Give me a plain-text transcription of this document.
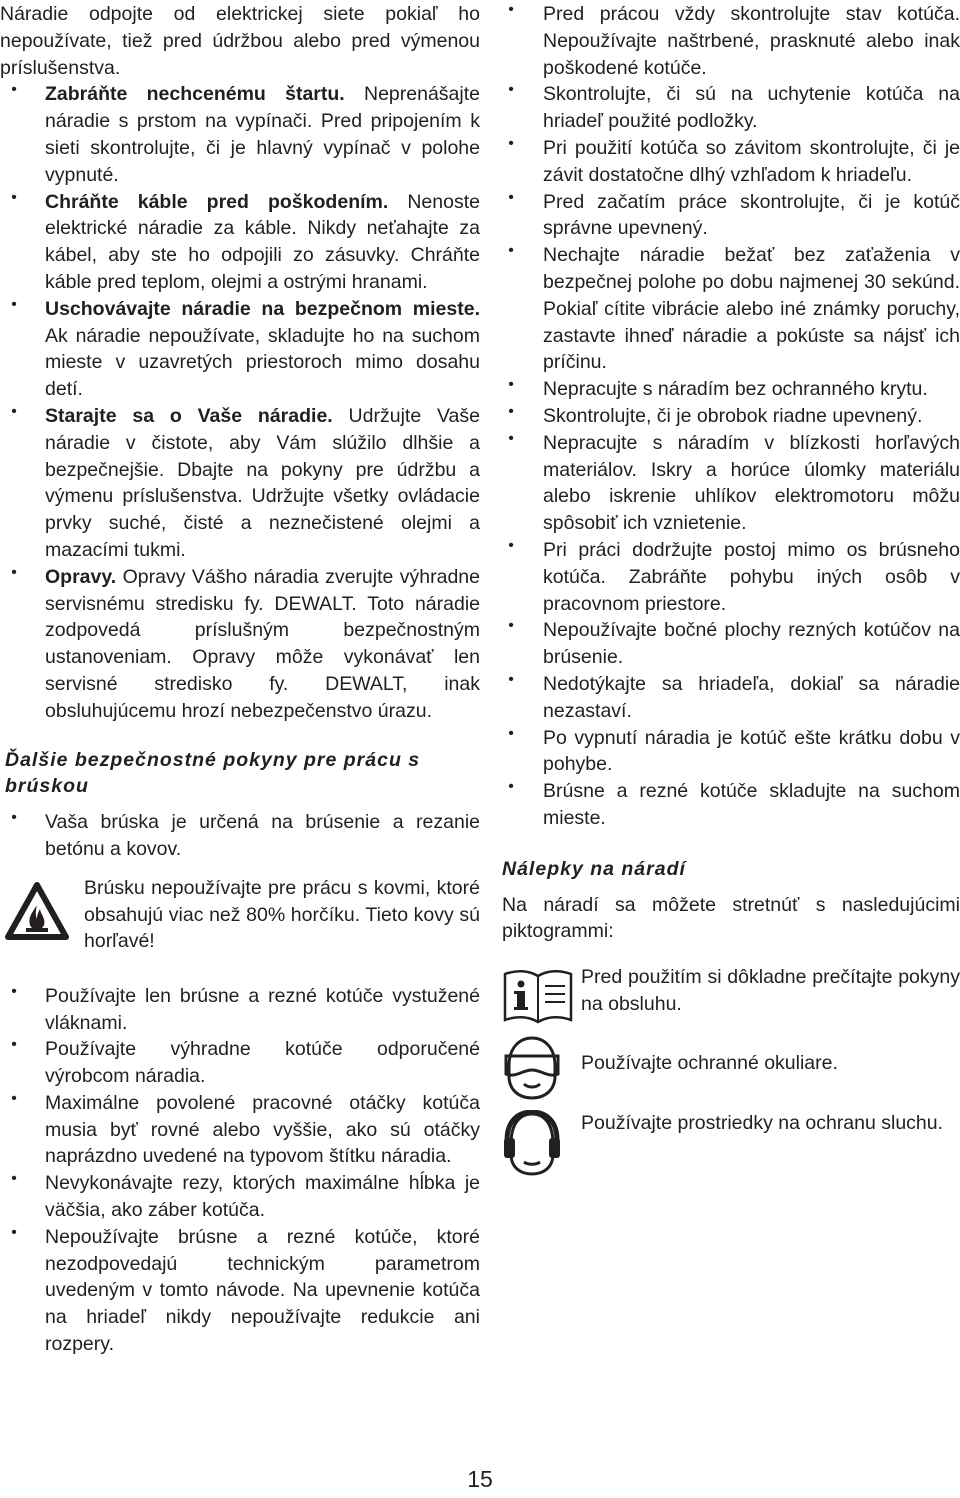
Náradie odpojte od elektrickej siete pokiaľ ho nepoužívate, tiež pred údržbou alebo pred výmenou príslušenstva.

• Zabráňte nechcenému štartu. Neprenášajte náradie s prstom na vypínači. Pred pripojením k sieti skontrolujte, či je hlavný vypínač v polohe vypnuté.

• Chráňte káble pred poškodením. Nenoste elektrické náradie za káble. Nikdy neťahajte za kábel, aby ste ho odpojili zo zásuvky. Chráňte káble pred teplom, olejmi a ostrými hranami.

• Uschovávajte náradie na bezpečnom mieste. Ak náradie nepoužívate, skladujte ho na suchom mieste v uzavretých priestoroch mimo dosahu detí.

• Starajte sa o Vaše náradie. Udržujte Vaše náradie v čistote, aby Vám slúžilo dlhšie a bezpečnejšie. Dbajte na pokyny pre údržbu a výmenu príslušenstva. Udržujte všetky ovládacie prvky suché, čisté a neznečistené olejmi a mazacími tukmi.

• Opravy. Opravy Vášho náradia zverujte výhradne servisnému stredisku fy. DEWALT. Toto náradie zodpovedá príslušným bezpečnostným ustanoveniam. Opravy môže vykonávať len servisné stredisko fy. DEWALT, inak obsluhujúcemu hrozí nebezpečenstvo úrazu.

Ďalšie bezpečnostné pokyny pre prácu s brúskou

• Vaša brúska je určená na brúsenie a rezanie betónu a kovov.

Brúsku nepoužívajte pre prácu s kovmi, ktoré obsahujú viac než 80% horčíku. Tieto kovy sú horľavé!

• Používajte len brúsne a rezné kotúče vystužené vláknami.

• Používajte výhradne kotúče odporučené výrobcom náradia.

• Maximálne povolené pracovné otáčky kotúča musia byť rovné alebo vyššie, ako sú otáčky naprázdno uvedené na typovom štítku náradia.

• Nevykonávajte rezy, ktorých maximálne hĺbka je väčšia, ako záber kotúča.

• Nepoužívajte brúsne a rezné kotúče, ktoré nezodpovedajú technickým parametrom uvedeným v tomto návode. Na upevnenie kotúča na hriadeľ nikdy nepoužívajte redukcie ani rozpery.

• Pred prácou vždy skontrolujte stav kotúča. Nepoužívajte naštrbené, prasknuté alebo inak poškodené kotúče.

• Skontrolujte, či sú na uchytenie kotúča na hriadeľ použité podložky.

• Pri použití kotúča so závitom skontrolujte, či je závit dostatočne dlhý vzhľadom k hriadeľu.

• Pred začatím práce skontrolujte, či je kotúč správne upevnený.

• Nechajte náradie bežať bez zaťaženia v bezpečnej polohe po dobu najmenej 30 sekúnd. Pokiaľ cítite vibrácie alebo iné známky poruchy, zastavte ihneď náradie a pokúste sa nájsť ich príčinu.

• Nepracujte s náradím bez ochranného krytu.

• Skontrolujte, či je obrobok riadne upevnený.

• Nepracujte s náradím v blízkosti horľavých materiálov. Iskry a horúce úlomky materiálu alebo iskrenie uhlíkov elektromotoru môžu spôsobiť ich vznietenie.

• Pri práci dodržujte postoj mimo os brúsneho kotúča. Zabráňte pohybu iných osôb v pracovnom priestore.

• Nepoužívajte bočné plochy rezných kotúčov na brúsenie.

• Nedotýkajte sa hriadeľa, dokiaľ sa náradie nezastaví.

• Po vypnutí náradia je kotúč ešte krátku dobu v pohybe.

• Brúsne a rezné kotúče skladujte na suchom mieste.

Nálepky na náradí

Na náradí sa môžete stretnúť s nasledujúcimi piktogrammi:

Pred použitím si dôkladne prečítajte pokyny na obsluhu.

Používajte ochranné okuliare.

Používajte prostriedky na ochranu sluchu.

15
